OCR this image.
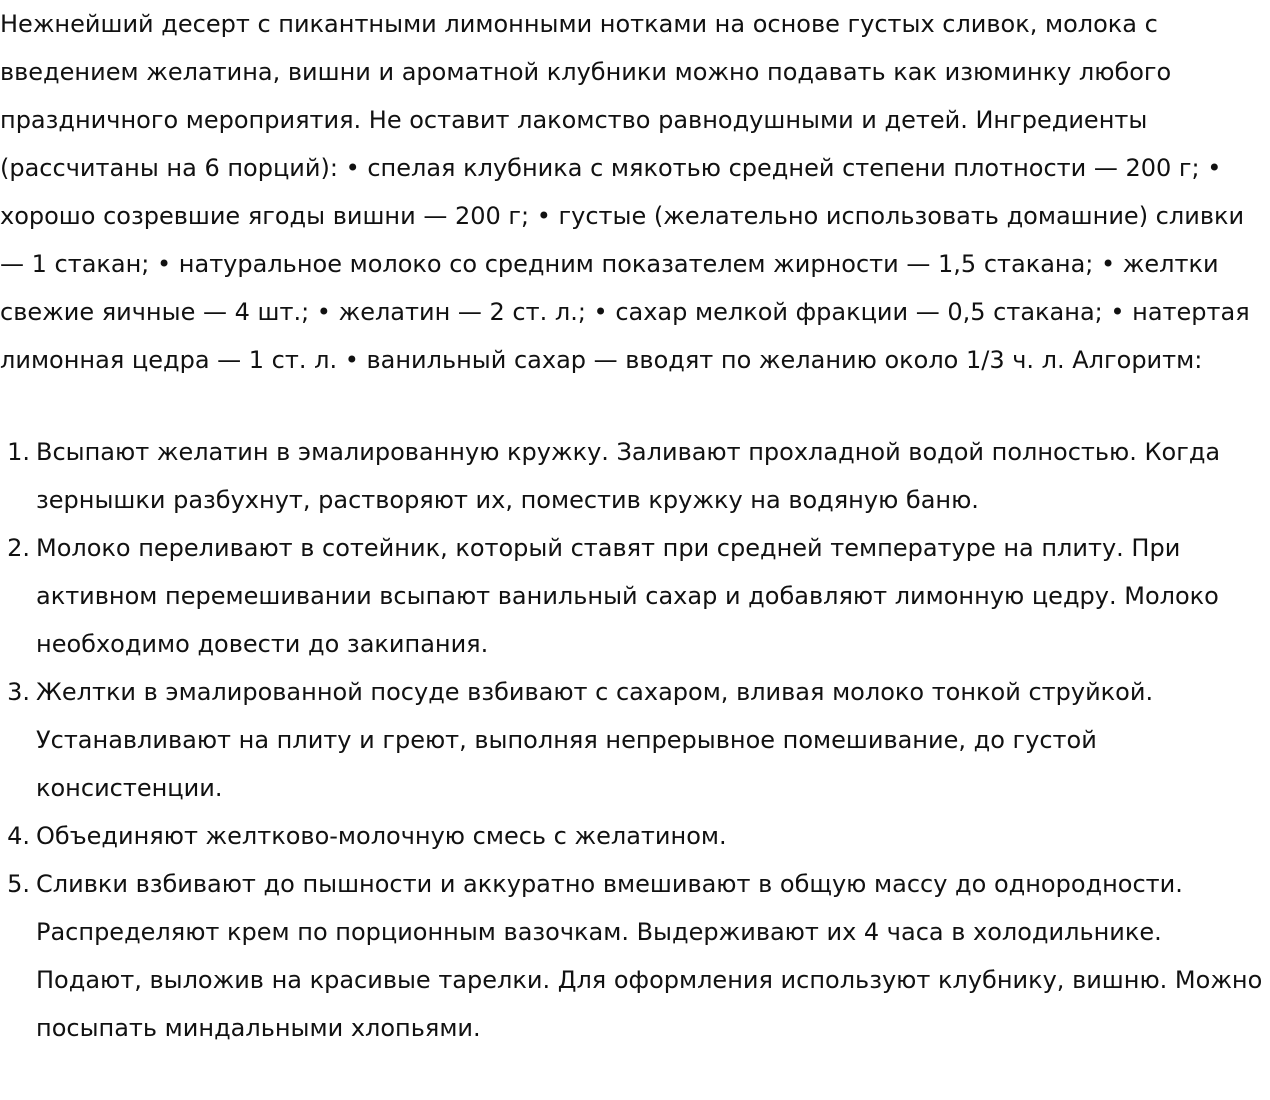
Нежнейший десерт с пикантными лимонными нотками на основе густых сливок, молока с введением желатина, вишни и ароматной клубники можно подавать как изюминку любого праздничного мероприятия. Не оставит лакомство равнодушными и детей. Ингредиенты (рассчитаны на 6 порций): • спелая клубника с мякотью средней степени плотности — 200 г; • хорошо созревшие ягоды вишни — 200 г; • густые (желательно использовать домашние) сливки — 1 стакан; • натуральное молоко со средним показателем жирности — 1,5 стакана; • желтки свежие яичные — 4 шт.; • желатин — 2 ст. л.; • сахар мелкой фракции — 0,5 стакана; • натертая лимонная цедра — 1 ст. л. • ванильный сахар — вводят по желанию около 1/3 ч. л. Алгоритм:

1. Всыпают желатин в эмалированную кружку. Заливают прохладной водой полностью. Когда зернышки разбухнут, растворяют их, поместив кружку на водяную баню.
2. Молоко переливают в сотейник, который ставят при средней температуре на плиту. При активном перемешивании всыпают ванильный сахар и добавляют лимонную цедру. Молоко необходимо довести до закипания.
3. Желтки в эмалированной посуде взбивают с сахаром, вливая молоко тонкой струйкой. Устанавливают на плиту и греют, выполняя непрерывное помешивание, до густой консистенции.
4. Объединяют желтково-молочную смесь с желатином.
5. Сливки взбивают до пышности и аккуратно вмешивают в общую массу до однородности. Распределяют крем по порционным вазочкам. Выдерживают их 4 часа в холодильнике. Подают, выложив на красивые тарелки. Для оформления используют клубнику, вишню. Можно посыпать миндальными хлопьями.
